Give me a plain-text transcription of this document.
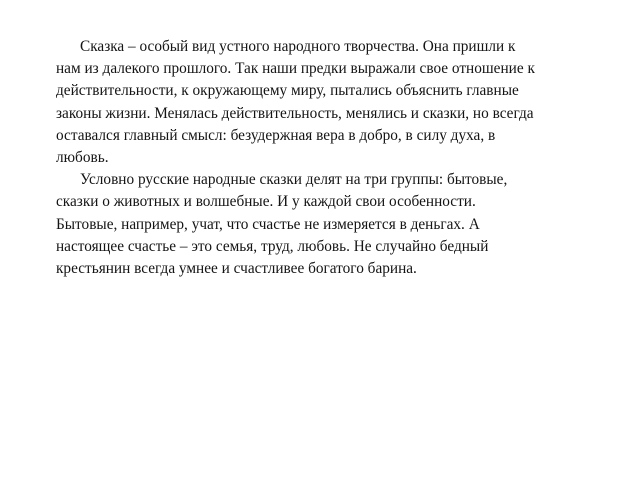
Сказка – особый вид устного народного творчества. Она пришли к
нам из далекого прошлого. Так наши предки выражали свое отношение к
действительности, к окружающему миру, пытались объяснить главные
законы жизни. Менялась действительность, менялись и сказки, но всегда
оставался главный смысл: безудержная вера в добро, в силу духа, в
любовь.

Условно русские народные сказки делят на три группы: бытовые,
сказки о животных и волшебные. И у каждой свои особенности.
Бытовые, например, учат, что счастье не измеряется в деньгах. А
настоящее счастье – это семья, труд, любовь. Не случайно бедный
крестьянин всегда умнее и счастливее богатого барина.
